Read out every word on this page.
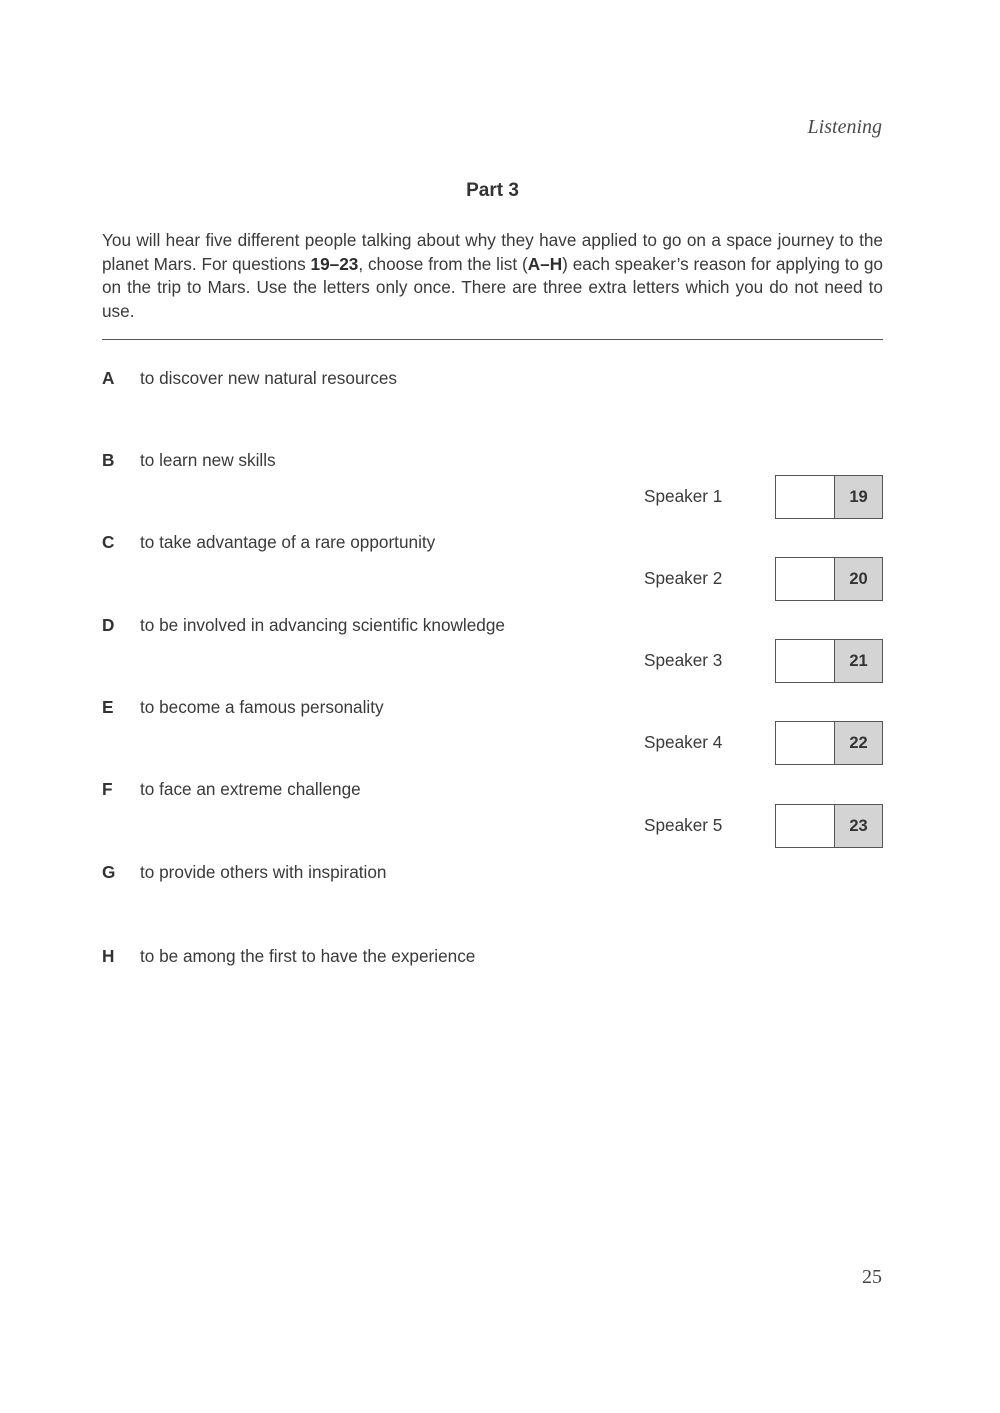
Listening
Part 3

You will hear five different people talking about why they have applied to go on a space journey to the planet Mars. For questions 19–23, choose from the list (A–H) each speaker’s reason for applying to go on the trip to Mars. Use the letters only once. There are three extra letters which you do not need to use.

A to discover new natural resources
B to learn new skills
C to take advantage of a rare opportunity
D to be involved in advancing scientific knowledge
E to become a famous personality
F to face an extreme challenge
G to provide others with inspiration
H to be among the first to have the experience
Speaker 1	19
Speaker 2	20
Speaker 3	21
Speaker 4	22
Speaker 5	23
25
